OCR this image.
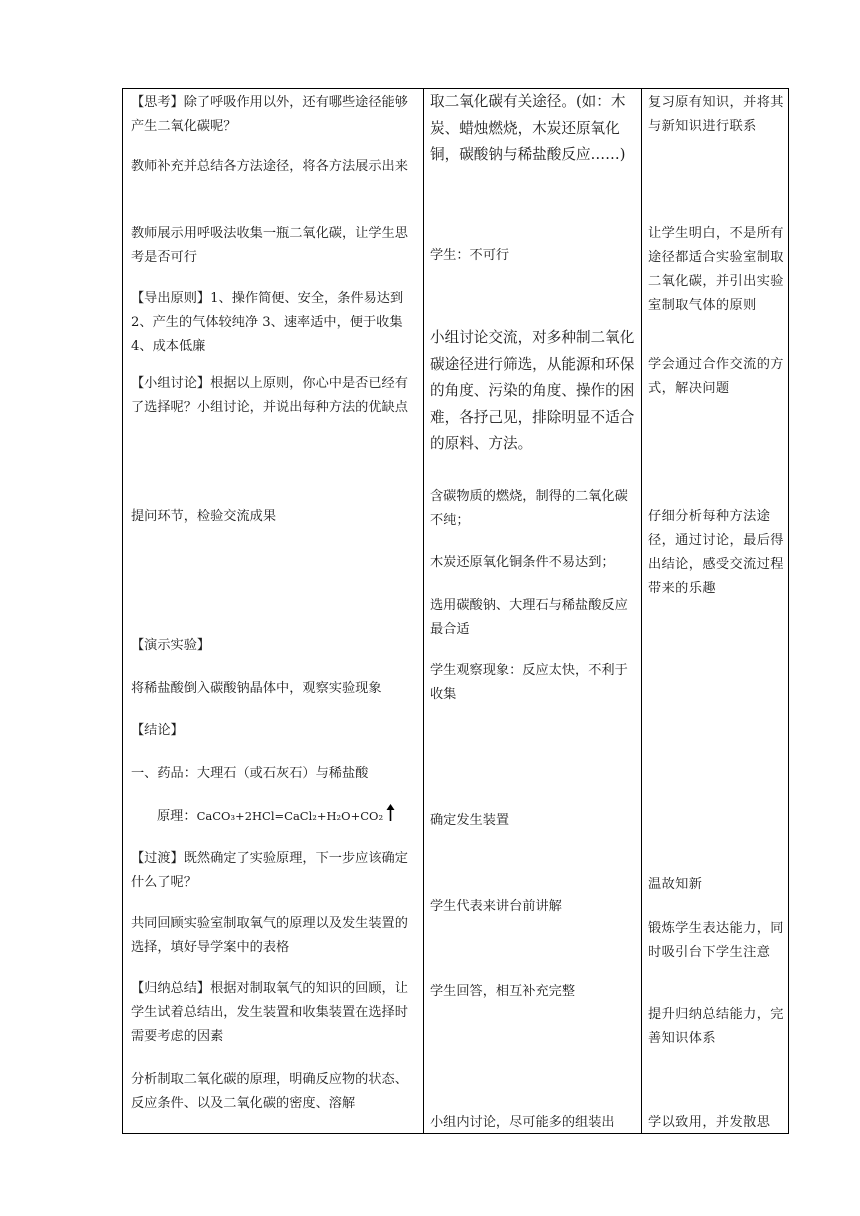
【思考】除了呼吸作用以外，还有哪些途径能够产生二氧化碳呢？

教师补充并总结各方法途径，将各方法展示出来

教师展示用呼吸法收集一瓶二氧化碳，让学生思考是否可行

【导出原则】1、操作简便、安全，条件易达到 2、产生的气体较纯净 3、速率适中，便于收集 4、成本低廉

【小组讨论】根据以上原则，你心中是否已经有了选择呢？小组讨论，并说出每种方法的优缺点

提问环节，检验交流成果

【演示实验】

将稀盐酸倒入碳酸钠晶体中，观察实验现象

【结论】

一、药品：大理石（或石灰石）与稀盐酸

原理：CaCO₃+2HCl=CaCl₂+H₂O+CO₂

【过渡】既然确定了实验原理，下一步应该确定什么了呢？

共同回顾实验室制取氧气的原理以及发生装置的选择，填好导学案中的表格

【归纳总结】根据对制取氧气的知识的回顾，让学生试着总结出，发生装置和收集装置在选择时需要考虑的因素

分析制取二氧化碳的原理，明确反应物的状态、反应条件、以及二氧化碳的密度、溶解

取二氧化碳有关途径。(如：木炭、蜡烛燃烧，木炭还原氧化铜，碳酸钠与稀盐酸反应……)

学生：不可行

小组讨论交流，对多种制二氧化碳途径进行筛选，从能源和环保的角度、污染的角度、操作的困难，各抒己见，排除明显不适合的原料、方法。

含碳物质的燃烧，制得的二氧化碳不纯；

木炭还原氧化铜条件不易达到；

选用碳酸钠、大理石与稀盐酸反应最合适

学生观察现象：反应太快，不利于收集

确定发生装置

学生代表来讲台前讲解

学生回答，相互补充完整

小组内讨论，尽可能多的组装出

复习原有知识，并将其与新知识进行联系

让学生明白，不是所有途径都适合实验室制取二氧化碳，并引出实验室制取气体的原则

学会通过合作交流的方式，解决问题

仔细分析每种方法途径，通过讨论，最后得出结论，感受交流过程带来的乐趣

温故知新

锻炼学生表达能力，同时吸引台下学生注意

提升归纳总结能力，完善知识体系

学以致用，并发散思
